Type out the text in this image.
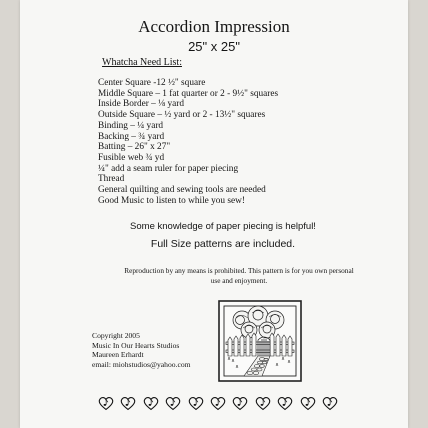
Accordion Impression
25" x 25"
Whatcha Need List:
Center Square -12 ½" square
Middle Square – 1 fat quarter or 2 - 9½" squares
Inside Border – ⅛ yard
Outside Square – ½ yard or 2 - 13½" squares
Binding – ¼ yard
Backing – ¾ yard
Batting – 26" x 27"
Fusible web ¾ yd
¼" add a seam ruler for paper piecing
Thread
General quilting and sewing tools are needed
Good Music to listen to while you sew!
Some knowledge of paper piecing is helpful!
Full Size patterns are included.
Reproduction by any means is prohibited. This pattern is for you own personal use and enjoyment.
Copyright 2005
Music In Our Hearts Studios
Maureen Erhardt
email: miohstudios@yahoo.com
